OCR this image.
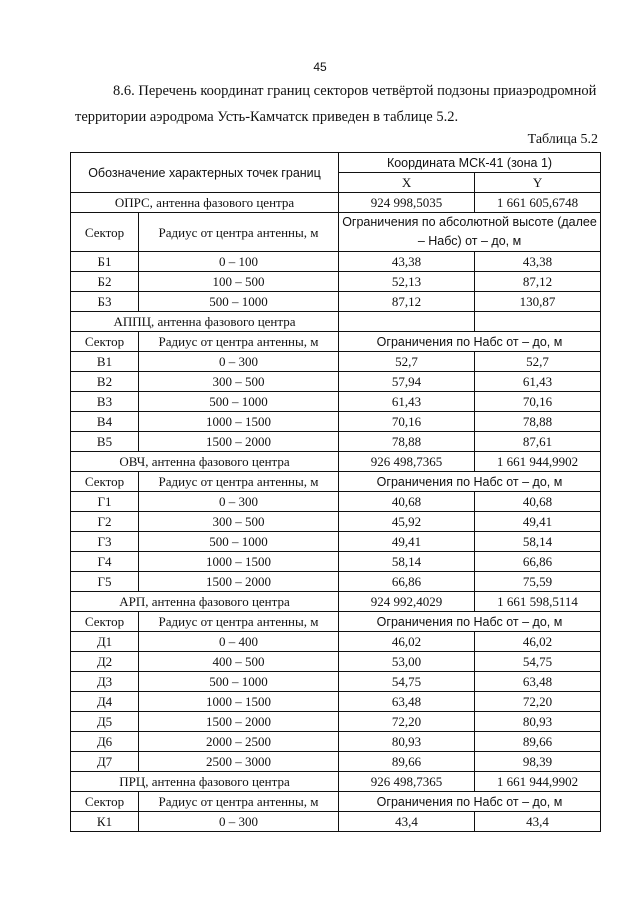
45
8.6. Перечень координат границ секторов четвёртой подзоны приаэродромной
территории аэродрома Усть-Камчатск приведен в таблице 5.2.
Таблица 5.2
Обозначение характерных точек границ		Координата МСК-41 (зона 1)	
		X	Y
ОПРС, антенна фазового центра		924 998,5035	1 661 605,6748
Сектор	Радиус от центра антенны, м	Ограничения по абсолютной высоте (далее – Набс) от – до, м	
Б1	0 – 100	43,38	43,38
Б2	100 – 500	52,13	87,12
Б3	500 – 1000	87,12	130,87
АППЦ, антенна фазового центра			
Сектор	Радиус от центра антенны, м	Ограничения по Набс от – до, м	
В1	0 – 300	52,7	52,7
В2	300 – 500	57,94	61,43
В3	500 – 1000	61,43	70,16
В4	1000 – 1500	70,16	78,88
В5	1500 – 2000	78,88	87,61
ОВЧ, антенна фазового центра		926 498,7365	1 661 944,9902
Сектор	Радиус от центра антенны, м	Ограничения по Набс от – до, м	
Г1	0 – 300	40,68	40,68
Г2	300 – 500	45,92	49,41
Г3	500 – 1000	49,41	58,14
Г4	1000 – 1500	58,14	66,86
Г5	1500 – 2000	66,86	75,59
АРП, антенна фазового центра		924 992,4029	1 661 598,5114
Сектор	Радиус от центра антенны, м	Ограничения по Набс от – до, м	
Д1	0 – 400	46,02	46,02
Д2	400 – 500	53,00	54,75
Д3	500 – 1000	54,75	63,48
Д4	1000 – 1500	63,48	72,20
Д5	1500 – 2000	72,20	80,93
Д6	2000 – 2500	80,93	89,66
Д7	2500 – 3000	89,66	98,39
ПРЦ, антенна фазового центра		926 498,7365	1 661 944,9902
Сектор	Радиус от центра антенны, м	Ограничения по Набс от – до, м	
К1	0 – 300	43,4	43,4
